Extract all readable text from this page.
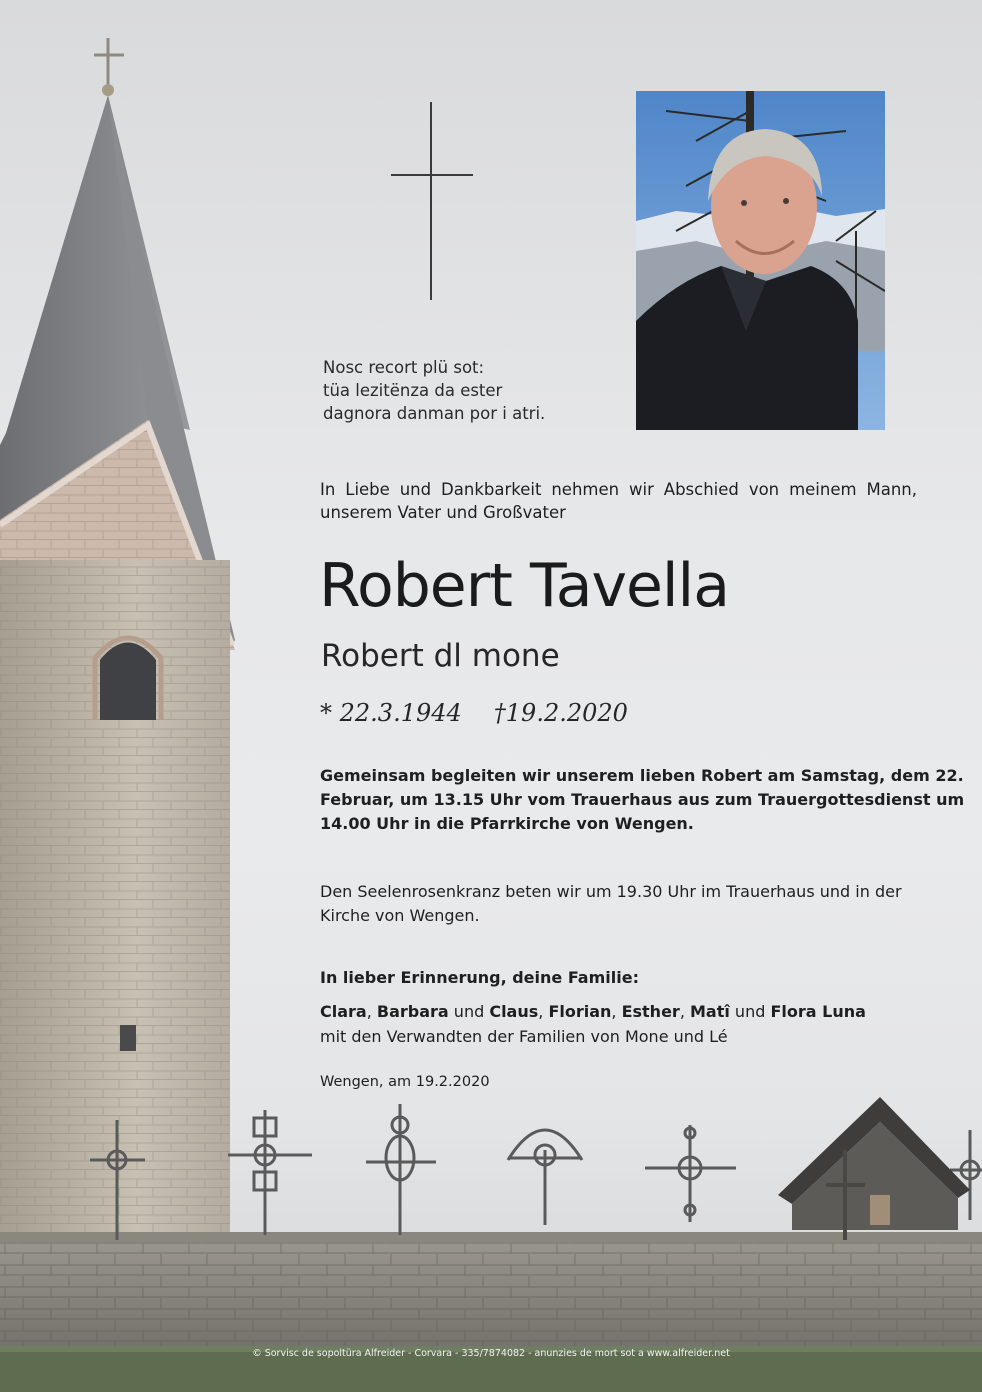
Nosc recort plü sot:
tüa lezitënza da ester
dagnora danman por i atri.
In Liebe und Dankbarkeit nehmen wir Abschied von meinem Mann, unserem Vater und Großvater
Robert Tavella
Robert dl mone
* 22.3.1944 †19.2.2020
Gemeinsam begleiten wir unserem lieben Robert am Samstag, dem 22.
Februar, um 13.15 Uhr vom Trauerhaus aus zum Trauergottesdienst um
14.00 Uhr in die Pfarrkirche von Wengen.
Den Seelenrosenkranz beten wir um 19.30 Uhr im Trauerhaus und in der
Kirche von Wengen.
In lieber Erinnerung, deine Familie:
Clara, Barbara und Claus, Florian, Esther, Matî und Flora Luna
mit den Verwandten der Familien von Mone und Lé
Wengen, am 19.2.2020
© Sorvisc de sopoltüra Alfreider - Corvara - 335/7874082 - anunzies de mort sot a www.alfreider.net
